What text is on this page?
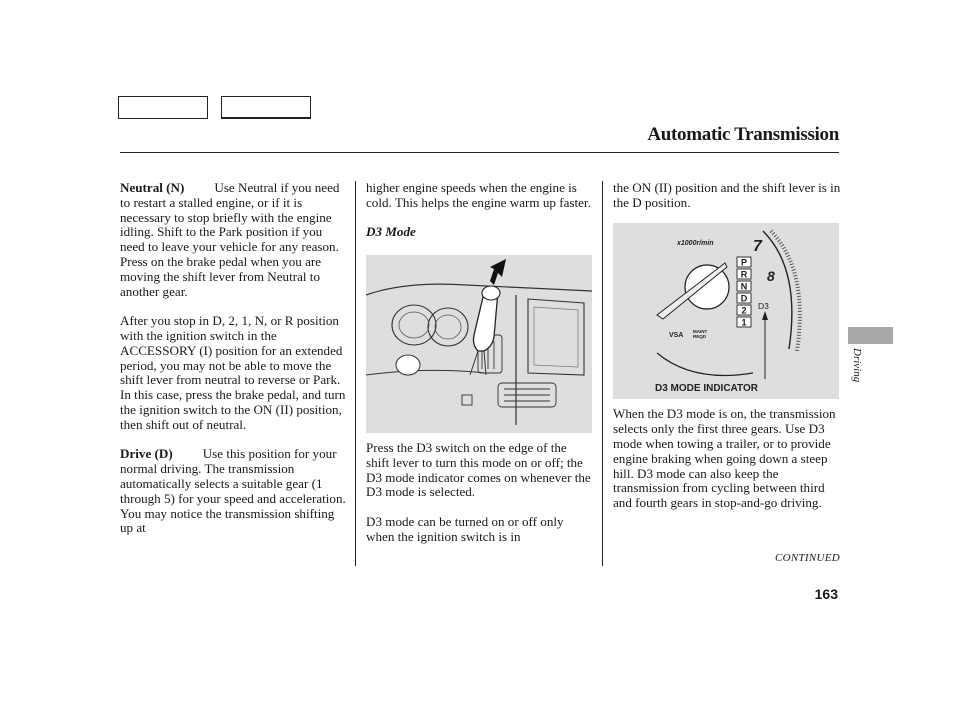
Automatic Transmission

Neutral (N) Use Neutral if you need to restart a stalled engine, or if it is necessary to stop briefly with the engine idling. Shift to the Park position if you need to leave your vehicle for any reason. Press on the brake pedal when you are moving the shift lever from Neutral to another gear.

After you stop in D, 2, 1, N, or R position with the ignition switch in the ACCESSORY (I) position for an extended period, you may not be able to move the shift lever from neutral to reverse or Park. In this case, press the brake pedal, and turn the ignition switch to the ON (II) position, then shift out of neutral.

Drive (D) Use this position for your normal driving. The transmission automatically selects a suitable gear (1 through 5) for your speed and acceleration. You may notice the transmission shifting up at

higher engine speeds when the engine is cold. This helps the engine warm up faster.

D3 Mode

Press the D3 switch on the edge of the shift lever to turn this mode on or off; the D3 mode indicator comes on whenever the D3 mode is selected.

D3 mode can be turned on or off only when the ignition switch is in

the ON (II) position and the shift lever is in the D position.

x1000r/min 7
8
P
R
N
D
2
1
D3
VSA
MAINT
REQD
D3 MODE INDICATOR

When the D3 mode is on, the transmission selects only the first three gears. Use D3 mode when towing a trailer, or to provide engine braking when going down a steep hill. D3 mode can also keep the transmission from cycling between third and fourth gears in stop-and-go driving.

Driving
CONTINUED
163
